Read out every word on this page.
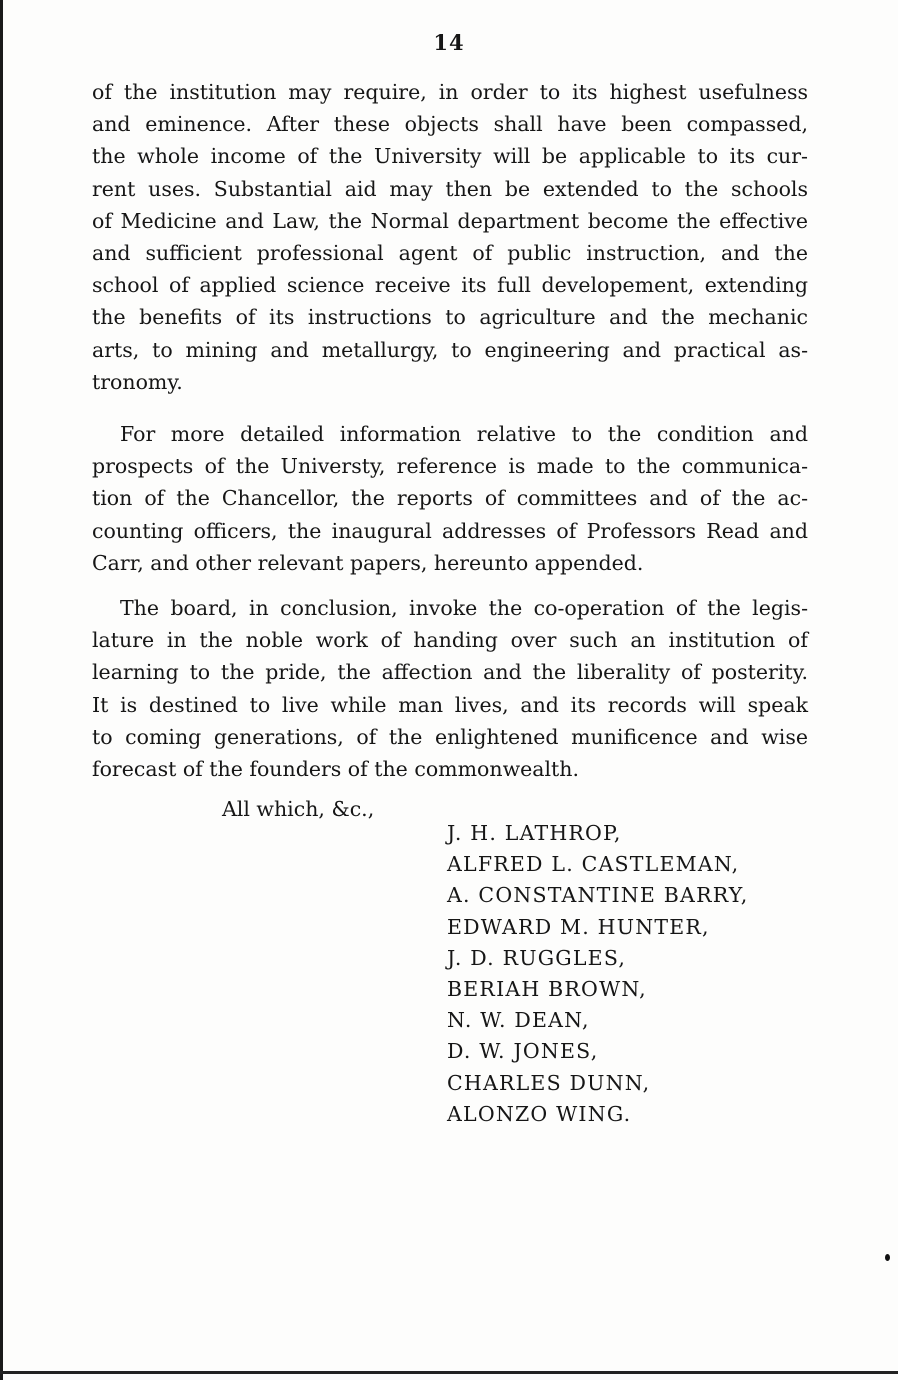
14

of the institution may require, in order to its highest usefulness
and eminence. After these objects shall have been compassed,
the whole income of the University will be applicable to its cur-
rent uses. Substantial aid may then be extended to the schools
of Medicine and Law, the Normal department become the effective
and sufficient professional agent of public instruction, and the
school of applied science receive its full developement, extending
the benefits of its instructions to agriculture and the mechanic
arts, to mining and metallurgy, to engineering and practical as-
tronomy.

For more detailed information relative to the condition and
prospects of the Universty, reference is made to the communica-
tion of the Chancellor, the reports of committees and of the ac-
counting officers, the inaugural addresses of Professors Read and
Carr, and other relevant papers, hereunto appended.

The board, in conclusion, invoke the co-operation of the legis-
lature in the noble work of handing over such an institution of
learning to the pride, the affection and the liberality of posterity.
It is destined to live while man lives, and its records will speak
to coming generations, of the enlightened munificence and wise
forecast of the founders of the commonwealth.

All which, &c.,
J. H. LATHROP,
ALFRED L. CASTLEMAN,
A. CONSTANTINE BARRY,
EDWARD M. HUNTER,
J. D. RUGGLES,
BERIAH BROWN,
N. W. DEAN,
D. W. JONES,
CHARLES DUNN,
ALONZO WING.
